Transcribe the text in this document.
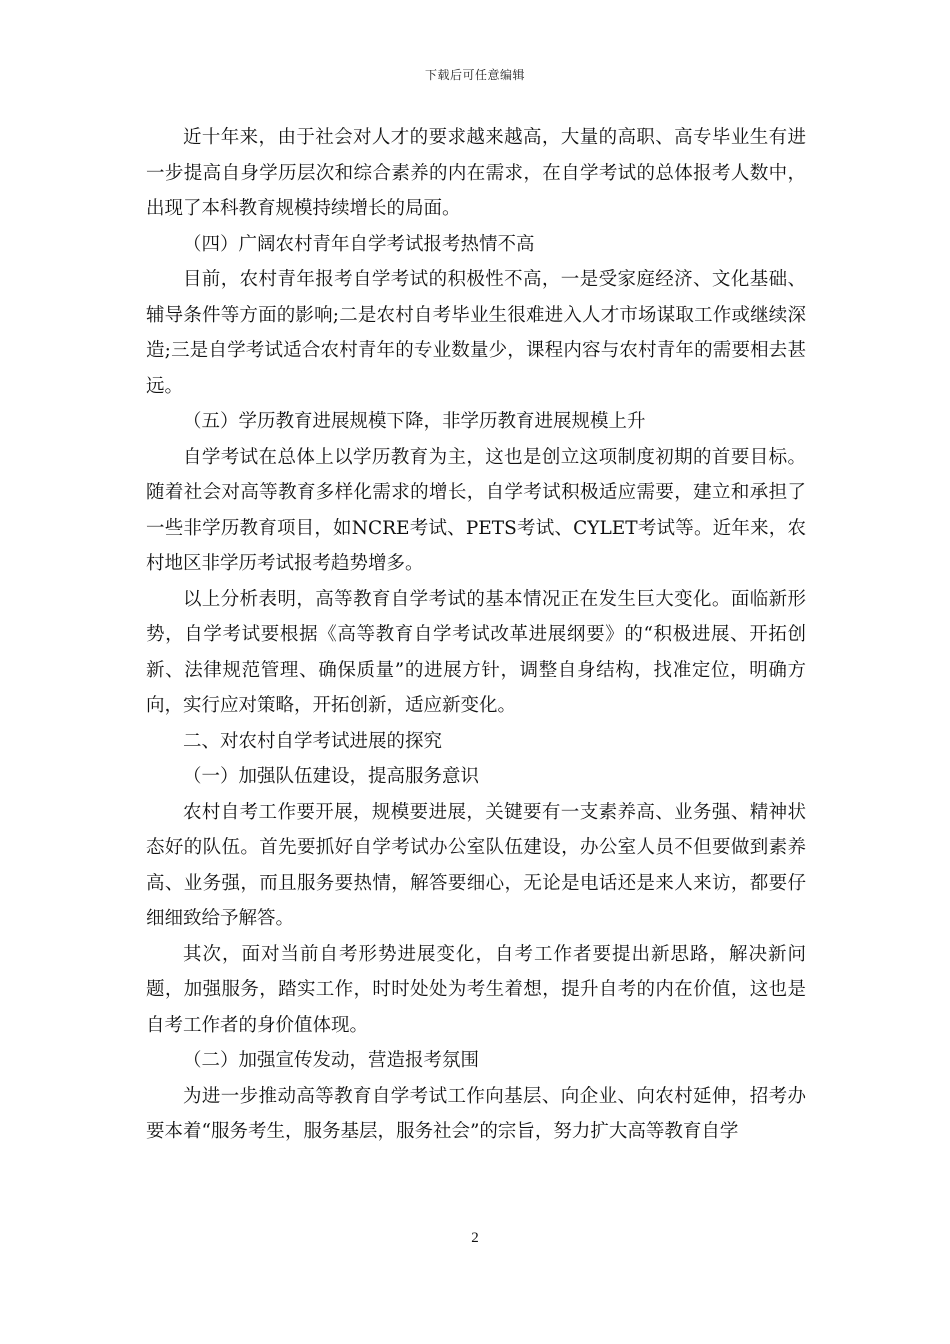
下载后可任意编辑

近十年来，由于社会对人才的要求越来越高，大量的高职、高专毕业生有进一步提高自身学历层次和综合素养的内在需求，在自学考试的总体报考人数中，出现了本科教育规模持续增长的局面。

（四）广阔农村青年自学考试报考热情不高

目前，农村青年报考自学考试的积极性不高，一是受家庭经济、文化基础、辅导条件等方面的影响;二是农村自考毕业生很难进入人才市场谋取工作或继续深造;三是自学考试适合农村青年的专业数量少，课程内容与农村青年的需要相去甚远。

（五）学历教育进展规模下降，非学历教育进展规模上升

自学考试在总体上以学历教育为主，这也是创立这项制度初期的首要目标。随着社会对高等教育多样化需求的增长，自学考试积极适应需要，建立和承担了一些非学历教育项目，如NCRE考试、PETS考试、CYLET考试等。近年来，农村地区非学历考试报考趋势增多。

以上分析表明，高等教育自学考试的基本情况正在发生巨大变化。面临新形势，自学考试要根据《高等教育自学考试改革进展纲要》的“积极进展、开拓创新、法律规范管理、确保质量”的进展方针，调整自身结构，找准定位，明确方向，实行应对策略，开拓创新，适应新变化。

二、对农村自学考试进展的探究

（一）加强队伍建设，提高服务意识

农村自考工作要开展，规模要进展，关键要有一支素养高、业务强、精神状态好的队伍。首先要抓好自学考试办公室队伍建设，办公室人员不但要做到素养高、业务强，而且服务要热情，解答要细心，无论是电话还是来人来访，都要仔细细致给予解答。

其次，面对当前自考形势进展变化，自考工作者要提出新思路，解决新问题，加强服务，踏实工作，时时处处为考生着想，提升自考的内在价值，这也是自考工作者的身价值体现。

（二）加强宣传发动，营造报考氛围

为进一步推动高等教育自学考试工作向基层、向企业、向农村延伸，招考办要本着“服务考生，服务基层，服务社会”的宗旨，努力扩大高等教育自学

2
